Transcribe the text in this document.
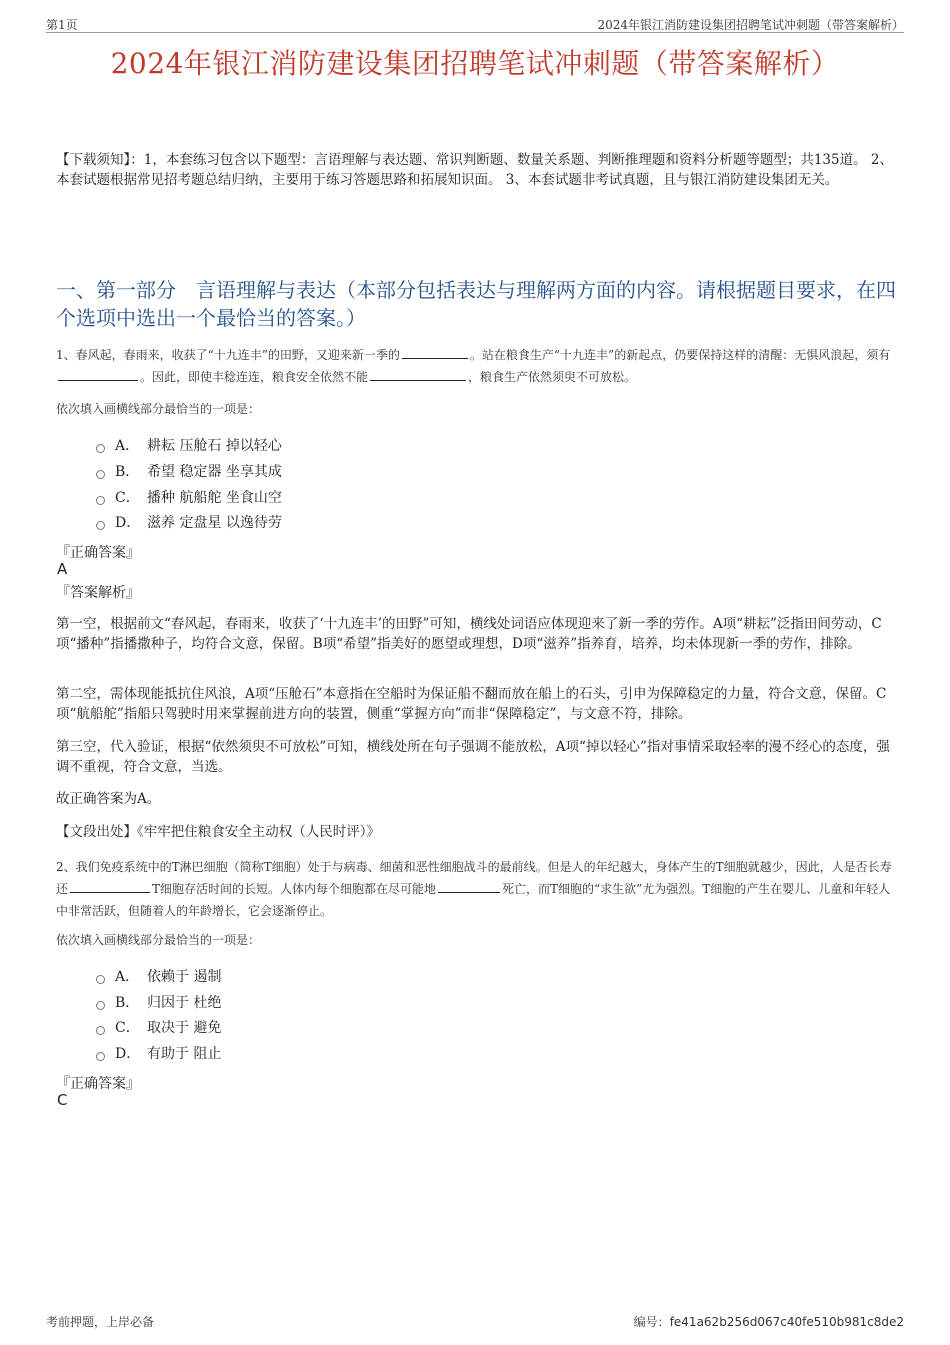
第1页	2024年银江消防建设集团招聘笔试冲刺题（带答案解析）
2024年银江消防建设集团招聘笔试冲刺题（带答案解析）
【下载须知】：1，本套练习包含以下题型：言语理解与表达题、常识判断题、数量关系题、判断推理题和资料分析题等题型；共135道。 2、本套试题根据常见招考题总结归纳，主要用于练习答题思路和拓展知识面。 3、本套试题非考试真题，且与银江消防建设集团无关。
一、第一部分　言语理解与表达（本部分包括表达与理解两方面的内容。请根据题目要求，在四个选项中选出一个最恰当的答案。）
1、春风起，春雨来，收获了“十九连丰”的田野，又迎来新一季的	。站在粮食生产“十九连丰”的新起点，仍要保持这样的清醒：无惧风浪起，须有。因此，即使丰稔连连，粮食安全依然不能	，粮食生产依然须臾不可放松。
依次填入画横线部分最恰当的一项是：
A． 耕耘 压舱石 掉以轻心
B． 希望 稳定器 坐享其成
C． 播种 航船舵 坐食山空
D． 滋养 定盘星 以逸待劳
『正确答案』
A
『答案解析』
第一空，根据前文“春风起，春雨来，收获了‘十九连丰’的田野”可知，横线处词语应体现迎来了新一季的劳作。A项“耕耘”泛指田间劳动，C项“播种”指播撒种子，均符合文意，保留。B项“希望”指美好的愿望或理想，D项“滋养”指养育，培养，均未体现新一季的劳作，排除。
第二空，需体现能抵抗住风浪，A项“压舱石”本意指在空船时为保证船不翻而放在船上的石头，引申为保障稳定的力量，符合文意，保留。C项“航船舵”指船只驾驶时用来掌握前进方向的装置，侧重“掌握方向”而非“保障稳定”，与文意不符，排除。
第三空，代入验证，根据“依然须臾不可放松”可知，横线处所在句子强调不能放松，A项“掉以轻心”指对事情采取轻率的漫不经心的态度，强调不重视，符合文意，当选。
故正确答案为A。
【文段出处】《牢牢把住粮食安全主动权（人民时评）》
2、我们免疫系统中的T淋巴细胞（简称T细胞）处于与病毒、细菌和恶性细胞战斗的最前线。但是人的年纪越大，身体产生的T细胞就越少，因此，人是否长寿还	T细胞存活时间的长短。人体内每个细胞都在尽可能地	死亡，而T细胞的“求生欲”尤为强烈。T细胞的产生在婴儿、儿童和年轻人中非常活跃，但随着人的年龄增长，它会逐渐停止。
依次填入画横线部分最恰当的一项是：
A． 依赖于 遏制
B． 归因于 杜绝
C． 取决于 避免
D． 有助于 阻止
『正确答案』
C
考前押题，上岸必备	编号：fe41a62b256d067c40fe510b981c8de2
